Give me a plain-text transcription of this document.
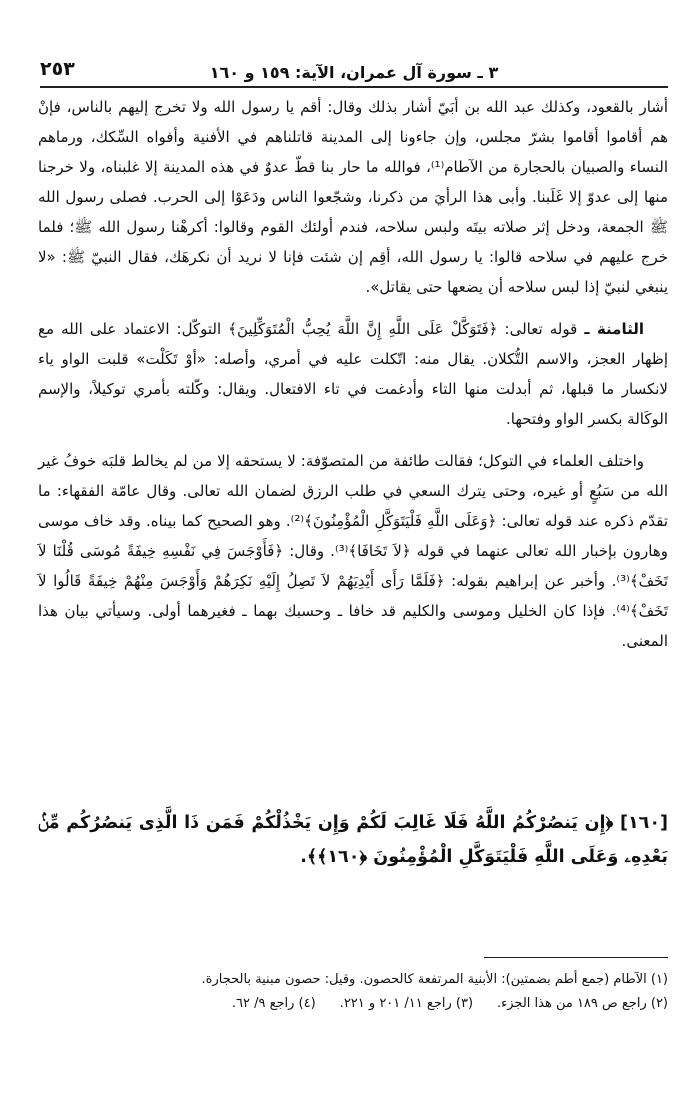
٣ ـ سورة آل عمران، الآية: ١٥٩ و ١٦٠
٢٥٣

أشار بالقعود، وكذلك عبد الله بن أبَيّ أشار بذلك وقال: أقم يا رسول الله ولا تخرج إليهم بالناس، فإنْ هم أقاموا أقاموا بشرّ مجلس، وإن جاءونا إلى المدينة قاتلناهم في الأفنية وأفواه السِّكك، ورماهم النساء والصبيان بالحجارة من الآطام⁽¹⁾، فوالله ما حار بنا قطّ عدوٌ في هذه المدينة إلا غلبناه، ولا خرجنا منها إلى عدوّ إلا غَلَبنا. وأبى هذا الرأيَ من ذكرنا، وشجّعوا الناس ودَعَوْا إلى الحرب. فصلى رسول الله ﷺ الجمعة، ودخل إثر صلاته بيتَه ولبس سلاحه، فندم أولئك القوم وقالوا: أكرهْنا رسول الله ﷺ؛ فلما خرج عليهم في سلاحه قالوا: يا رسول الله، أقِم إن شئت فإنا لا نريد أن نكرهَك، فقال النبيّ ﷺ: «لا ينبغي لنبيّ إذا لبس سلاحه أن يضعها حتى يقاتل».

الثامنة ـ قوله تعالى: ﴿فَتَوَكَّلْ عَلَى اللَّهِ إِنَّ اللَّهَ يُحِبُّ الْمُتَوَكِّلِينَ﴾ التوكّل: الاعتماد على الله مع إظهار العجز، والاسم التُّكلان. يقال منه: اتّكلت عليه في أمري، وأصله: «أوْ تَكَلْت» قلبت الواو ياء لانكسار ما قبلها، ثم أبدلت منها التاء وأدغمت في تاء الافتعال. ويقال: وكّلته بأمري توكيلاً، والإسم الوكَالة بكسر الواو وفتحها.

واختلف العلماء في التوكل؛ فقالت طائفة من المتصوّفة: لا يستحقه إلا من لم يخالط قلبَه خوفُ غير الله من سَبُعٍ أو غيره، وحتى يترك السعي في طلب الرزق لضمان الله تعالى. وقال عامّة الفقهاء: ما تقدّم ذكره عند قوله تعالى: ﴿وَعَلَى اللَّهِ فَلْيَتَوَكَّلِ الْمُؤْمِنُونَ﴾⁽²⁾. وهو الصحيح كما بيناه. وقد خاف موسى وهارون بإخبار الله تعالى عنهما في قوله ﴿لاَ تَخَافَا﴾⁽³⁾. وقال: ﴿فَأَوْجَسَ فِي نَفْسِهِ خِيفَةً مُوسَى قُلْنَا لاَ تَخَفْ﴾⁽³⁾. وأخبر عن إبراهيم بقوله: ﴿فَلَمَّا رَأَى أَيْدِيَهُمْ لاَ تَصِلُ إِلَيْهِ نَكِرَهُمْ وَأَوْجَسَ مِنْهُمْ خِيفَةً قَالُوا لاَ تَخَفْ﴾⁽⁴⁾. فإذا كان الخليل وموسى والكليم قد خافا ـ وحسبك بهما ـ فغيرهما أولى. وسيأتي بيان هذا المعنى.

[١٦٠] ﴿إِن يَنصُرْكُمُ اللَّهُ فَلَا غَالِبَ لَكُمْ وَإِن يَخْذُلْكُمْ فَمَن ذَا الَّذِى يَنصُرُكُم مِّنۢ بَعْدِهِۦ وَعَلَى اللَّهِ فَلْيَتَوَكَّلِ الْمُؤْمِنُونَ ﴿١٦٠﴾﴾.
(١) الآطام (جمع أطم بضمتين): الأبنية المرتفعة كالحصون. وقيل: حصون مبنية بالحجارة.
(٢) راجع ص ١٨٩ من هذا الجزء.
(٣) راجع ١١/ ٢٠١ و ٢٢١.
(٤) راجع ٩/ ٦٢.
